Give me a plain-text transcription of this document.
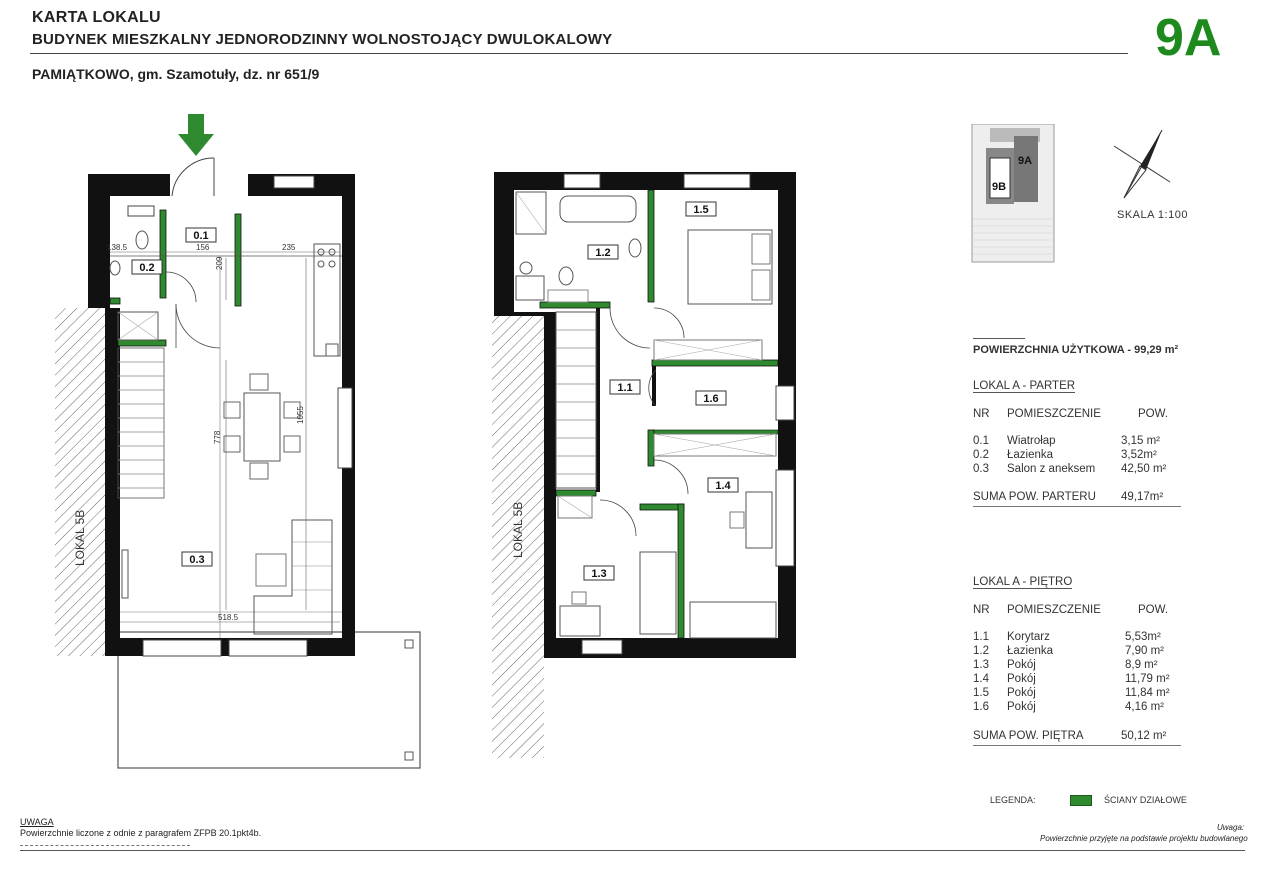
KARTA LOKALU
BUDYNEK MIESZKALNY JEDNORODZINNY WOLNOSTOJĄCY DWULOKALOWY
PAMIĄTKOWO, gm. Szamotuły, dz. nr 651/9
9A
0.1
0.2
0.3
138.5	156	235
209
778
1055
518.5
LOKAL 5B	LOKAL 5B
1.1
1.2
1.3
1.4
1.5
1.6
9A
9B
SKALA 1:100
POWIERZCHNIA UŻYTKOWA - 99,29 m²
LOKAL A - PARTER
NR POMIESZCZENIE	POW.
0.1 Wiatrołap	3,15 m²
0.2 Łazienka	3,52m²
0.3 Salon z aneksem 42,50 m²
SUMA POW. PARTERU 49,17m²
LOKAL A - PIĘTRO
NR POMIESZCZENIE	POW.
1.1 Korytarz	5,53m²
1.2 Łazienka	7,90 m²
1.3 Pokój	8,9 m²
1.4 Pokój	11,79 m²
1.5 Pokój	11,84 m²
1.6 Pokój	4,16 m²
SUMA POW. PIĘTRA	50,12 m²
LEGENDA:	ŚCIANY DZIAŁOWE
UWAGA
Powierzchnie liczone z odnie z paragrafem ZFPB 20.1pkt4b.
Uwaga:
Powierzchnie przyjęte na podstawie projektu budowlanego
